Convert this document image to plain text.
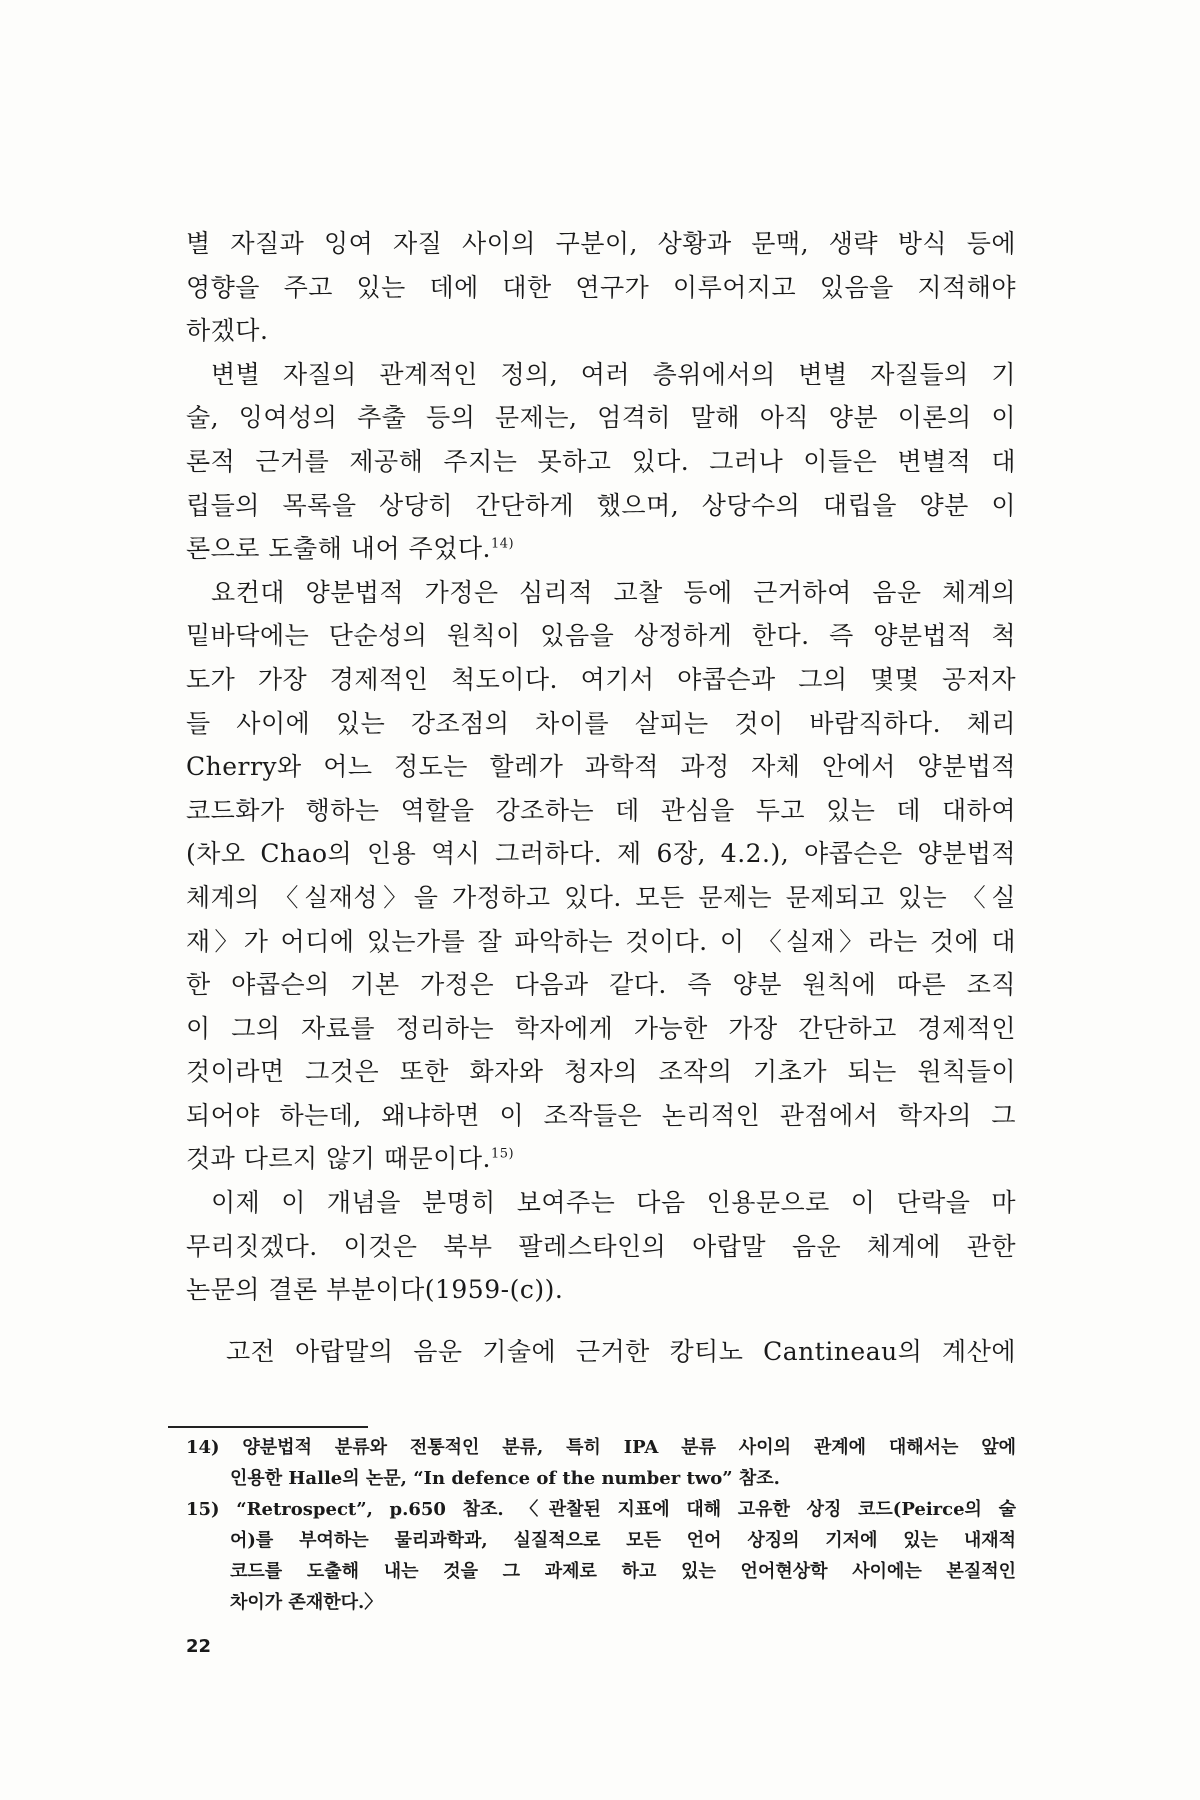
별 자질과 잉여 자질 사이의 구분이, 상황과 문맥, 생략 방식 등에
영향을 주고 있는 데에 대한 연구가 이루어지고 있음을 지적해야
하겠다.
변별 자질의 관계적인 정의, 여러 층위에서의 변별 자질들의 기
술, 잉여성의 추출 등의 문제는, 엄격히 말해 아직 양분 이론의 이
론적 근거를 제공해 주지는 못하고 있다. 그러나 이들은 변별적 대
립들의 목록을 상당히 간단하게 했으며, 상당수의 대립을 양분 이
론으로 도출해 내어 주었다.$^{14)}$
요컨대 양분법적 가정은 심리적 고찰 등에 근거하여 음운 체계의
밑바닥에는 단순성의 원칙이 있음을 상정하게 한다. 즉 양분법적 척
도가 가장 경제적인 척도이다. 여기서 야콥슨과 그의 몇몇 공저자
들 사이에 있는 강조점의 차이를 살피는 것이 바람직하다. 체리
Cherry와 어느 정도는 할레가 과학적 과정 자체 안에서 양분법적
코드화가 행하는 역할을 강조하는 데 관심을 두고 있는 데 대하여
(차오 Chao의 인용 역시 그러하다. 제 6장, 4.2.), 야콥슨은 양분법적
체계의 〈실재성〉을 가정하고 있다. 모든 문제는 문제되고 있는 〈실
재〉가 어디에 있는가를 잘 파악하는 것이다. 이 〈실재〉라는 것에 대
한 야콥슨의 기본 가정은 다음과 같다. 즉 양분 원칙에 따른 조직
이 그의 자료를 정리하는 학자에게 가능한 가장 간단하고 경제적인
것이라면 그것은 또한 화자와 청자의 조작의 기초가 되는 원칙들이
되어야 하는데, 왜냐하면 이 조작들은 논리적인 관점에서 학자의 그
것과 다르지 않기 때문이다.$^{15)}$
이제 이 개념을 분명히 보여주는 다음 인용문으로 이 단락을 마
무리짓겠다. 이것은 북부 팔레스타인의 아랍말 음운 체계에 관한
논문의 결론 부분이다(1959-(c)).
고전 아랍말의 음운 기술에 근거한 캉티노 Cantineau의 계산에
14) 양분법적 분류와 전통적인 분류, 특히 IPA 분류 사이의 관계에 대해서는 앞에
인용한 Halle의 논문, “In defence of the number two” 참조.
15) “Retrospect”, p.650 참조. 〈관찰된 지표에 대해 고유한 상징 코드(Peirce의 술
어)를 부여하는 물리과학과, 실질적으로 모든 언어 상징의 기저에 있는 내재적
코드를 도출해 내는 것을 그 과제로 하고 있는 언어현상학 사이에는 본질적인
차이가 존재한다.〉
22
